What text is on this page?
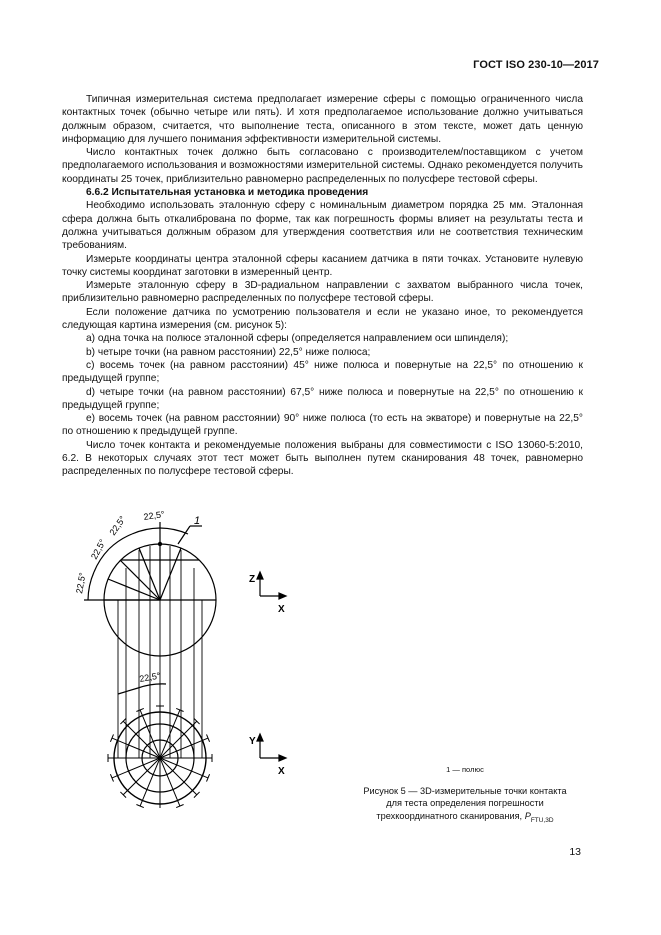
ГОСТ ISO 230-10—2017

Типичная измерительная система предполагает измерение сферы с помощью ограниченного числа контактных точек (обычно четыре или пять). И хотя предполагаемое использование должно учитываться должным образом, считается, что выполнение теста, описанного в этом тексте, может дать ценную информацию для лучшего понимания эффективности измерительной системы.

Число контактных точек должно быть согласовано с производителем/поставщиком с учетом предполагаемого использования и возможностями измерительной системы. Однако рекомендуется получить координаты 25 точек, приблизительно равномерно распределенных по полусфере тестовой сферы.

6.6.2 Испытательная установка и методика проведения

Необходимо использовать эталонную сферу с номинальным диаметром порядка 25 мм. Эталонная сфера должна быть откалиброванa по форме, так как погрешность формы влияет на результаты теста и должна учитываться должным образом для утверждения соответствия или не соответствия техническим требованиям.

Измерьте координаты центра эталонной сферы касанием датчика в пяти точках. Установите нулевую точку системы координат заготовки в измеренный центр.

Измерьте эталонную сферу в 3D-радиальном направлении с захватом выбранного числа точек, приблизительно равномерно распределенных по полусфере тестовой сферы.

Если положение датчика по усмотрению пользователя и если не указано иное, то рекомендуется следующая картина измерения (см. рисунок 5):

a) одна точка на полюсе эталонной сферы (определяется направлением оси шпинделя);

b) четыре точки (на равном расстоянии) 22,5° ниже полюса;

c) восемь точек (на равном расстоянии) 45° ниже полюса и повернутые на 22,5° по отношению к предыдущей группе;

d) четыре точки (на равном расстоянии) 67,5° ниже полюса и повернутые на 22,5° по отношению к предыдущей группе;

e) восемь точек (на равном расстоянии) 90° ниже полюса (то есть на экваторе) и повернутые на 22,5° по отношению к предыдущей группе.

Число точек контакта и рекомендуемые положения выбраны для совместимости с ISO 13060-5:2010, 6.2. В некоторых случаях этот тест может быть выполнен путем сканирования 48 точек, равномерно распределенных по полусфере тестовой сферы.

22,5°
22,5°
22,5°
22,5°
22,5°
1
Z
X
Y
X	1 — полюс
Рисунок 5 — 3D-измерительные точки контакта
для теста определения погрешности
трехкоординатного сканирования, $P_{FTU,3D}$
13
